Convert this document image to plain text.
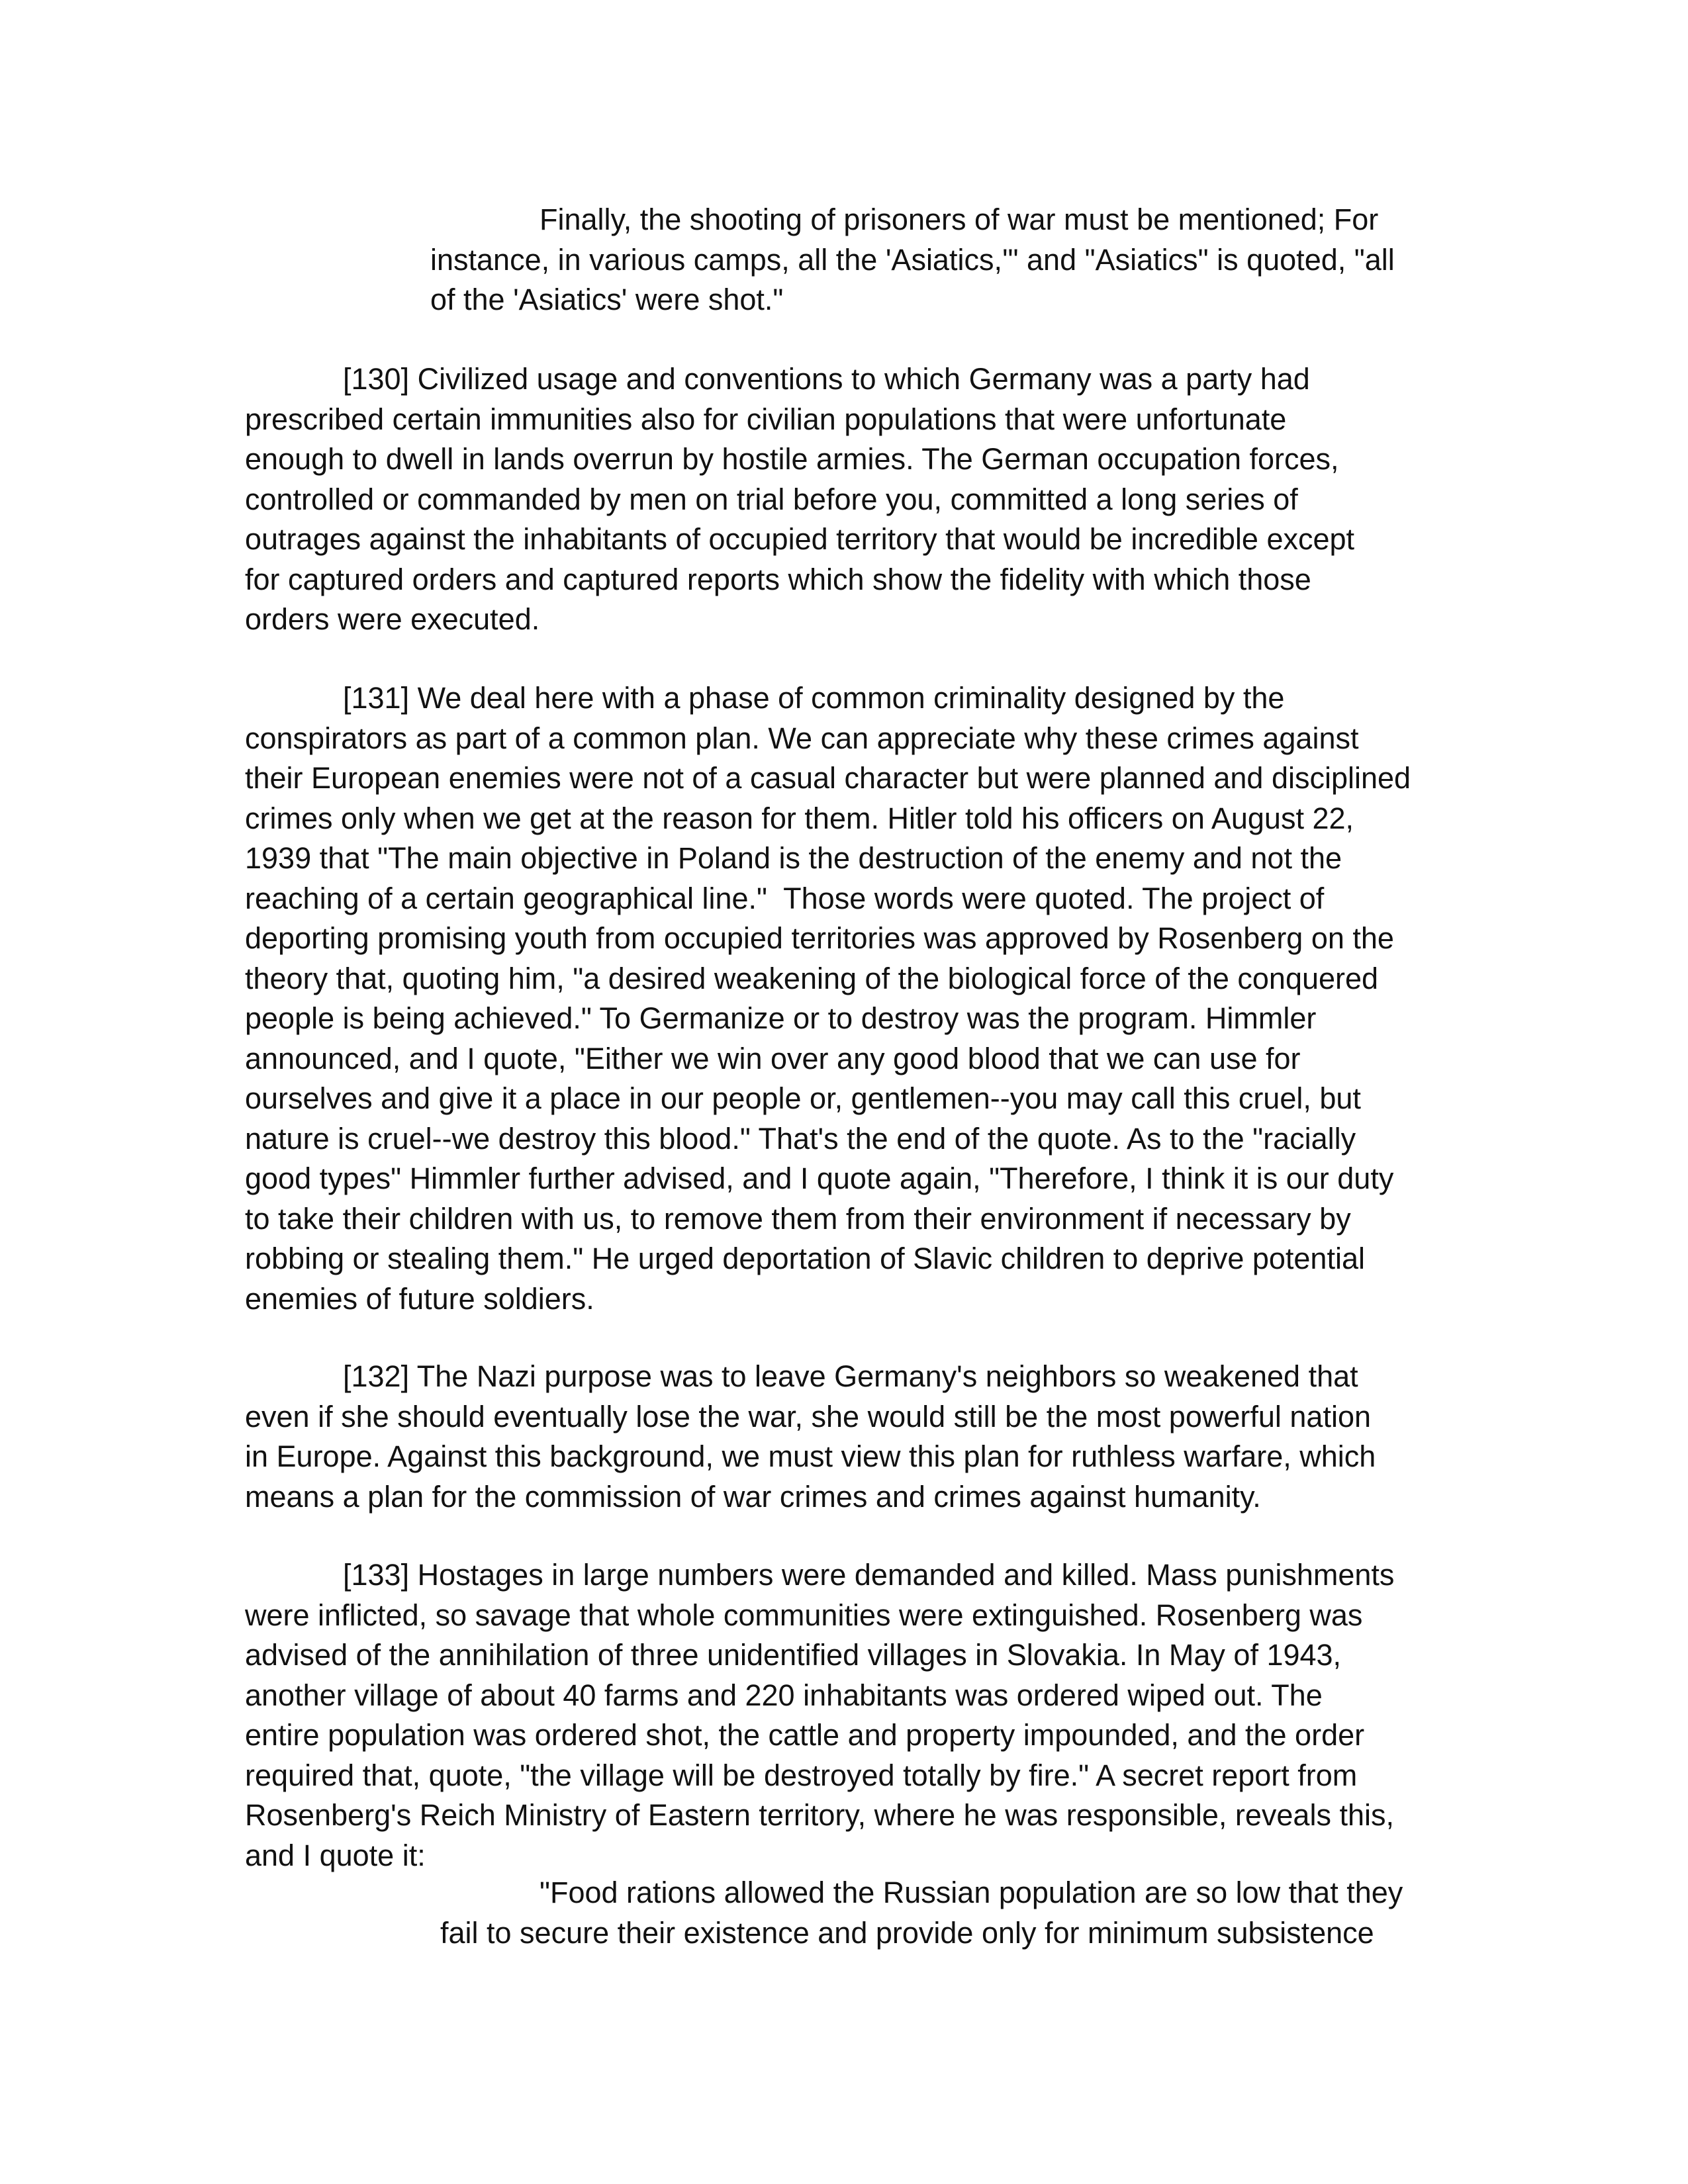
Finally, the shooting of prisoners of war must be mentioned; For
instance, in various camps, all the 'Asiatics,'" and "Asiatics" is quoted, "all
of the 'Asiatics' were shot."
[130] Civilized usage and conventions to which Germany was a party had
prescribed certain immunities also for civilian populations that were unfortunate
enough to dwell in lands overrun by hostile armies. The German occupation forces,
controlled or commanded by men on trial before you, committed a long series of
outrages against the inhabitants of occupied territory that would be incredible except
for captured orders and captured reports which show the fidelity with which those
orders were executed.
[131] We deal here with a phase of common criminality designed by the
conspirators as part of a common plan. We can appreciate why these crimes against
their European enemies were not of a casual character but were planned and disciplined
crimes only when we get at the reason for them. Hitler told his officers on August 22,
1939 that "The main objective in Poland is the destruction of the enemy and not the
reaching of a certain geographical line."  Those words were quoted. The project of
deporting promising youth from occupied territories was approved by Rosenberg on the
theory that, quoting him, "a desired weakening of the biological force of the conquered
people is being achieved." To Germanize or to destroy was the program. Himmler
announced, and I quote, "Either we win over any good blood that we can use for
ourselves and give it a place in our people or, gentlemen--you may call this cruel, but
nature is cruel--we destroy this blood." That's the end of the quote. As to the "racially
good types" Himmler further advised, and I quote again, "Therefore, I think it is our duty
to take their children with us, to remove them from their environment if necessary by
robbing or stealing them." He urged deportation of Slavic children to deprive potential
enemies of future soldiers.
[132] The Nazi purpose was to leave Germany's neighbors so weakened that
even if she should eventually lose the war, she would still be the most powerful nation
in Europe. Against this background, we must view this plan for ruthless warfare, which
means a plan for the commission of war crimes and crimes against humanity.
[133] Hostages in large numbers were demanded and killed. Mass punishments
were inflicted, so savage that whole communities were extinguished. Rosenberg was
advised of the annihilation of three unidentified villages in Slovakia. In May of 1943,
another village of about 40 farms and 220 inhabitants was ordered wiped out. The
entire population was ordered shot, the cattle and property impounded, and the order
required that, quote, "the village will be destroyed totally by fire." A secret report from
Rosenberg's Reich Ministry of Eastern territory, where he was responsible, reveals this,
and I quote it:
"Food rations allowed the Russian population are so low that they
fail to secure their existence and provide only for minimum subsistence
